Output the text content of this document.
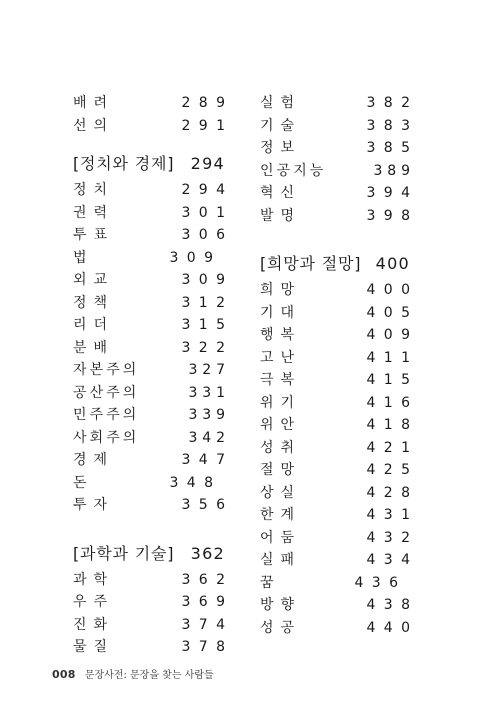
배려	289
선의	291
[정치와 경제] 294
정치	294
권력	301
투표	306
법	309
외교	309
정책	312
리더	315
분배	322
자본주의	327
공산주의	331
민주주의	339
사회주의	342
경제	347
돈	348
투자	356
[과학과 기술] 362
과학	362
우주	369
진화	374
물질	378
실험	382
기술	383
정보	385
인공지능	389
혁신	394
발명	398
[희망과 절망] 400
희망	400
기대	405
행복	409
고난	411
극복	415
위기	416
위안	418
성취	421
절망	425
상실	428
한계	431
어둠	432
실패	434
꿈	436
방향	438
성공	440
008 문장사전: 문장을 찾는 사람들
